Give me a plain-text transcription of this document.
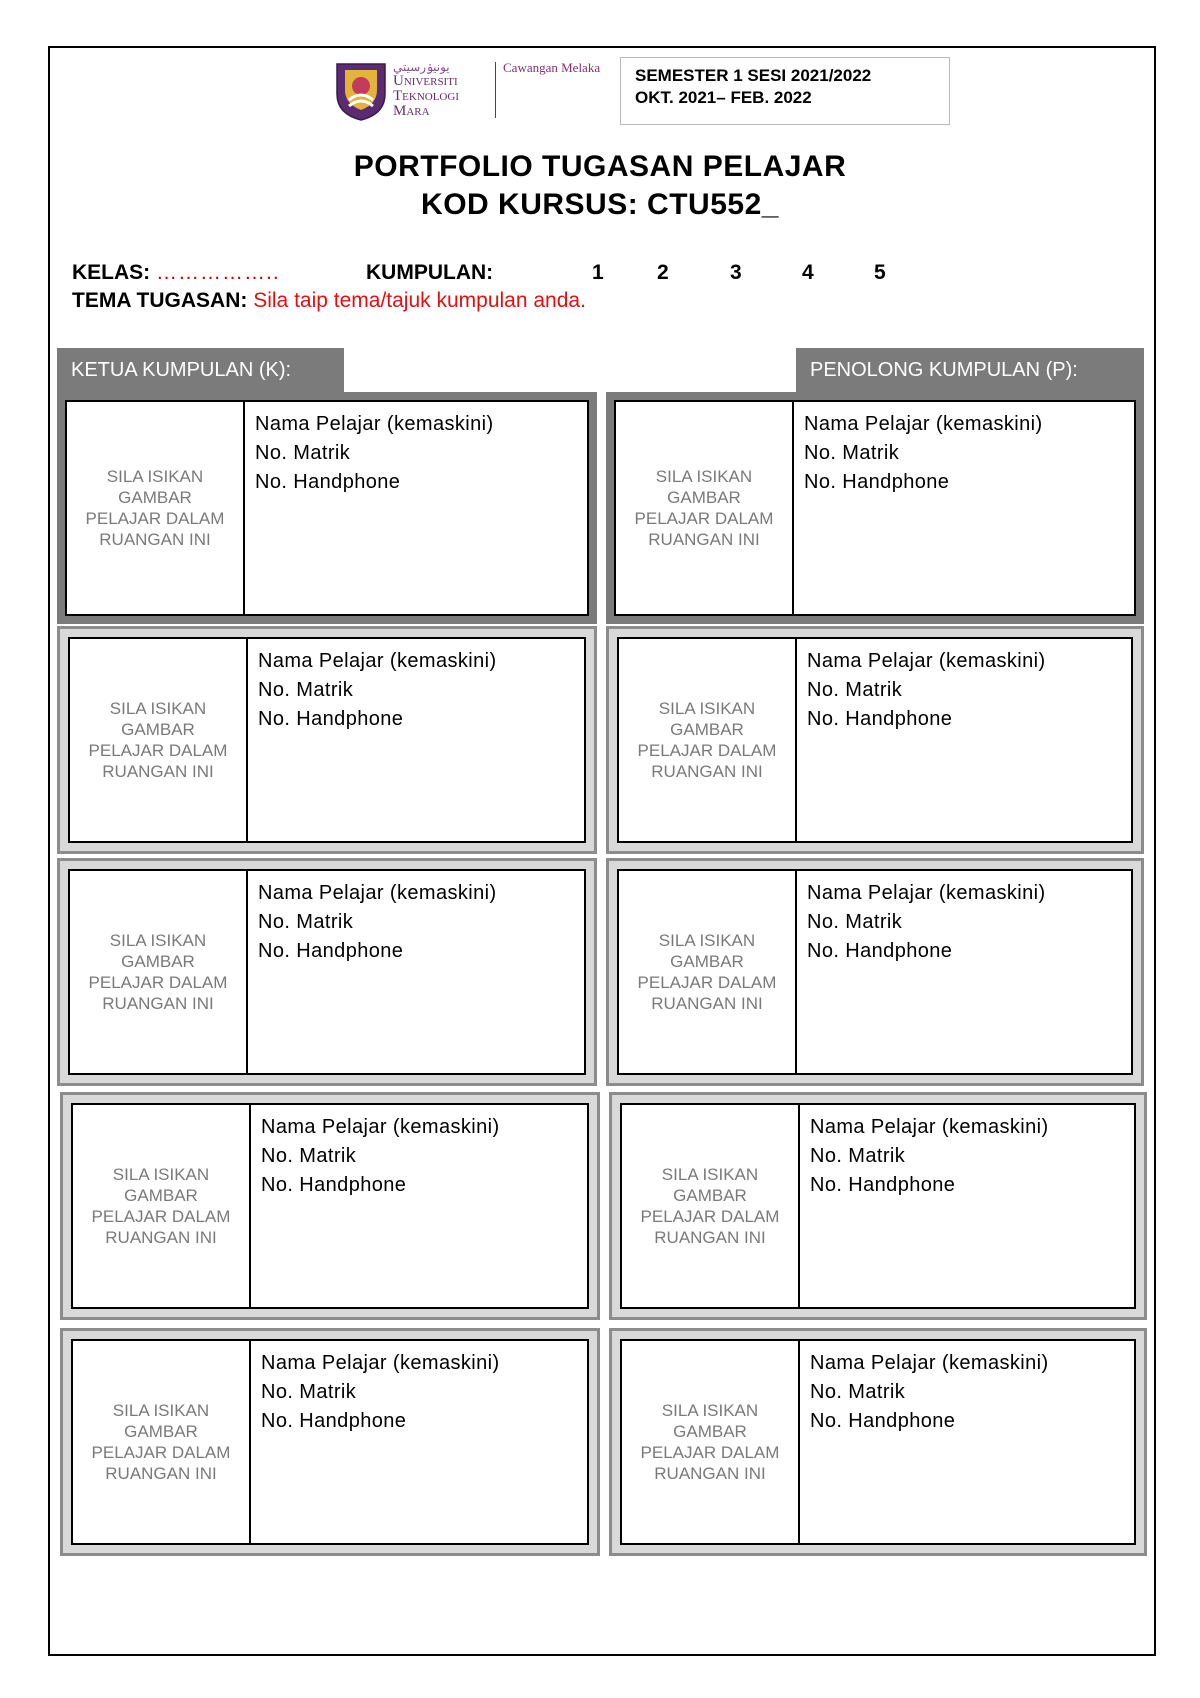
يونيۏرسيتي
Universiti
Teknologi
Mara
Cawangan Melaka SEMESTER 1 SESI 2021/2022
OKT. 2021– FEB. 2022
PORTFOLIO TUGASAN PELAJAR
KOD KURSUS: CTU552_
KELAS: ……………..	KUMPULAN:	1	2	3	4	5
TEMA TUGASAN: Sila taip tema/tajuk kumpulan anda.
KETUA KUMPULAN (K):	PENOLONG KUMPULAN (P):
SILA ISIKAN GAMBAR PELAJAR DALAM RUANGAN INI
Nama Pelajar (kemaskini)
No. Matrik
No. Handphone	SILA ISIKAN GAMBAR PELAJAR DALAM RUANGAN INI
Nama Pelajar (kemaskini)
No. Matrik
No. Handphone
SILA ISIKAN GAMBAR PELAJAR DALAM RUANGAN INI
Nama Pelajar (kemaskini)
No. Matrik
No. Handphone	SILA ISIKAN GAMBAR PELAJAR DALAM RUANGAN INI
Nama Pelajar (kemaskini)
No. Matrik
No. Handphone
SILA ISIKAN GAMBAR PELAJAR DALAM RUANGAN INI
Nama Pelajar (kemaskini)
No. Matrik
No. Handphone	SILA ISIKAN GAMBAR PELAJAR DALAM RUANGAN INI
Nama Pelajar (kemaskini)
No. Matrik
No. Handphone
SILA ISIKAN GAMBAR PELAJAR DALAM RUANGAN INI
Nama Pelajar (kemaskini)
No. Matrik
No. Handphone	SILA ISIKAN GAMBAR PELAJAR DALAM RUANGAN INI
Nama Pelajar (kemaskini)
No. Matrik
No. Handphone
SILA ISIKAN GAMBAR PELAJAR DALAM RUANGAN INI
Nama Pelajar (kemaskini)
No. Matrik
No. Handphone	SILA ISIKAN GAMBAR PELAJAR DALAM RUANGAN INI
Nama Pelajar (kemaskini)
No. Matrik
No. Handphone
